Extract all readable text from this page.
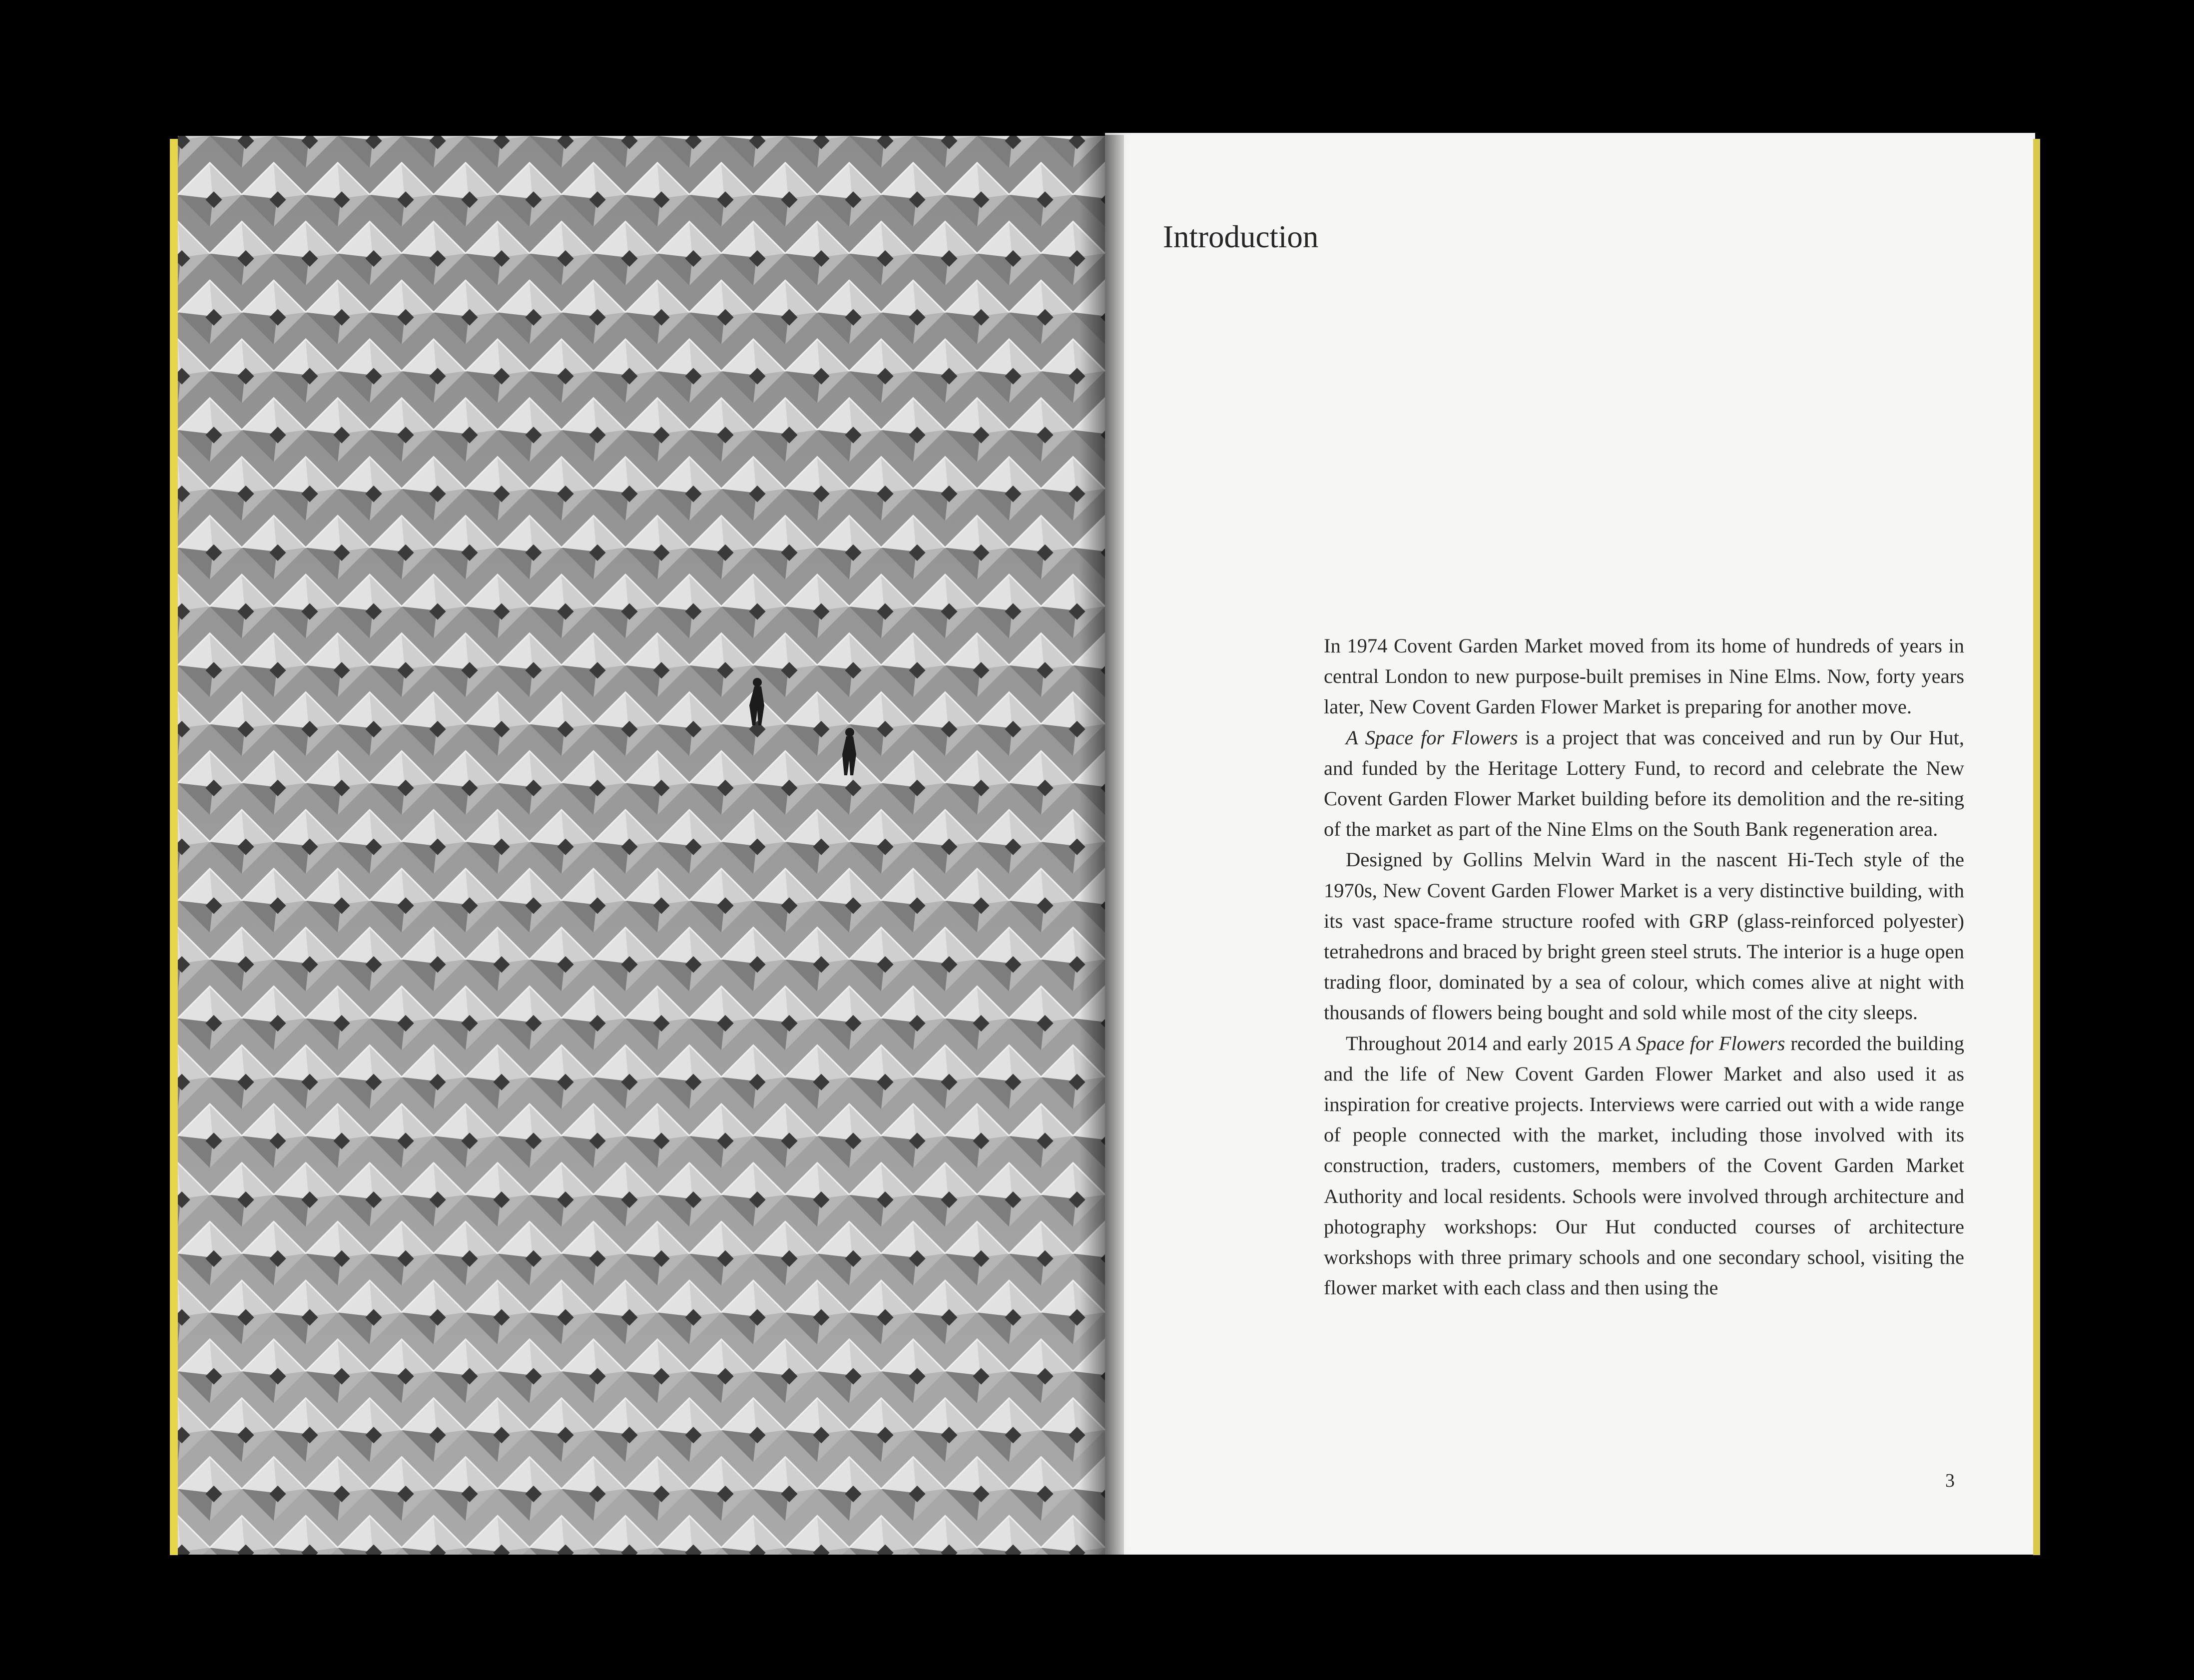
Introduction

In 1974 Covent Garden Market moved from its home of hundreds of years in central London to new purpose-built premises in Nine Elms. Now, forty years later, New Covent Garden Flower Market is preparing for another move.

A Space for Flowers is a project that was conceived and run by Our Hut, and funded by the Heritage Lottery Fund, to record and celebrate the New Covent Garden Flower Market building before its demolition and the re-siting of the market as part of the Nine Elms on the South Bank regeneration area.

Designed by Gollins Melvin Ward in the nascent Hi-Tech style of the 1970s, New Covent Garden Flower Market is a very distinctive building, with its vast space-frame structure roofed with GRP (glass-reinforced polyester) tetrahedrons and braced by bright green steel struts. The interior is a huge open trading floor, dominated by a sea of colour, which comes alive at night with thousands of flowers being bought and sold while most of the city sleeps.

Throughout 2014 and early 2015 A Space for Flowers recorded the building and the life of New Covent Garden Flower Market and also used it as inspiration for creative projects. Interviews were carried out with a wide range of people connected with the market, including those involved with its construction, traders, customers, members of the Covent Garden Market Authority and local residents. Schools were involved through architecture and photography workshops: Our Hut conducted courses of architecture workshops with three primary schools and one secondary school, visiting the flower market with each class and then using the

3
